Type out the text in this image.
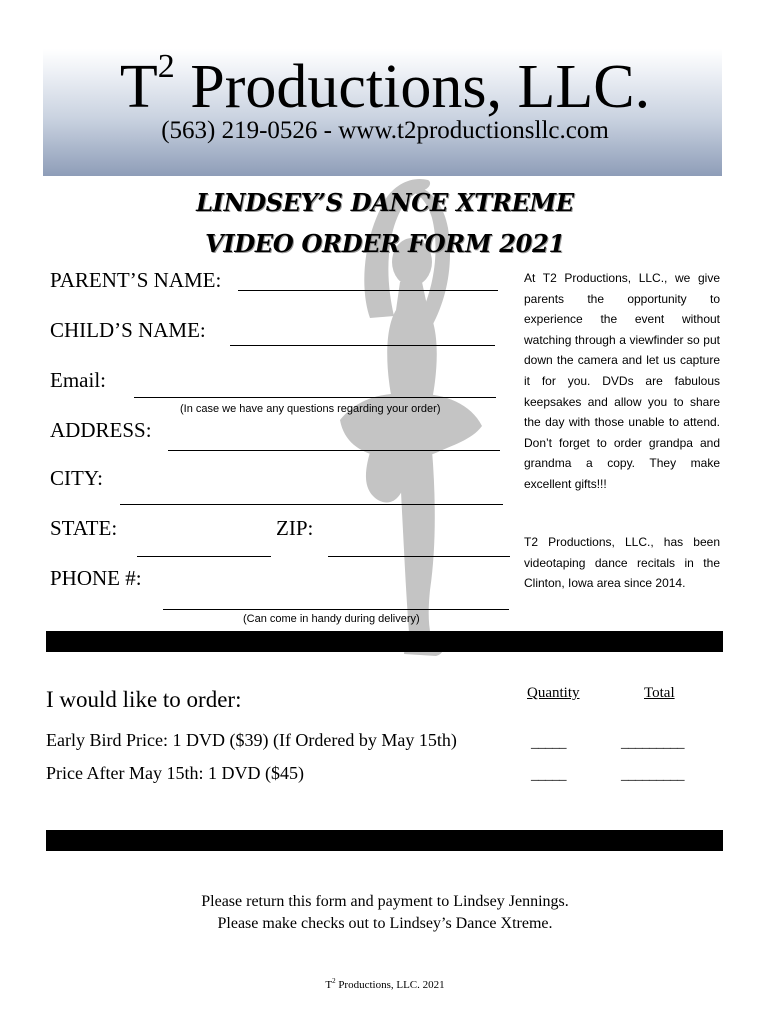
$T^2$ Productions, LLC.
(563) 219-0526 - www.t2productionsllc.com
LINDSEY’S DANCE XTREME
VIDEO ORDER FORM 2021
PARENT’S NAME:
CHILD’S NAME:
Email:
(In case we have any questions regarding your order)
ADDRESS:
CITY:
STATE:	ZIP:
PHONE #:
(Can come in handy during delivery)
At T2 Productions, LLC., we give parents the opportunity to experience the event without watching through a viewfinder so put down the camera and let us capture it for you. DVDs are fabulous keepsakes and allow you to share the day with those unable to attend. Don’t forget to order grandpa and grandma a copy. They make excellent gifts!!!
T2 Productions, LLC., has been videotaping dance recitals in the Clinton, Iowa area since 2014.
I would like to order:	Quantity	Total
Early Bird Price: 1 DVD ($39) (If Ordered by May 15th)	_____	_________
Price After May 15th: 1 DVD ($45)	_____	_________
Please return this form and payment to Lindsey Jennings.
Please make checks out to Lindsey’s Dance Xtreme.
$T^2$ Productions, LLC. 2021
